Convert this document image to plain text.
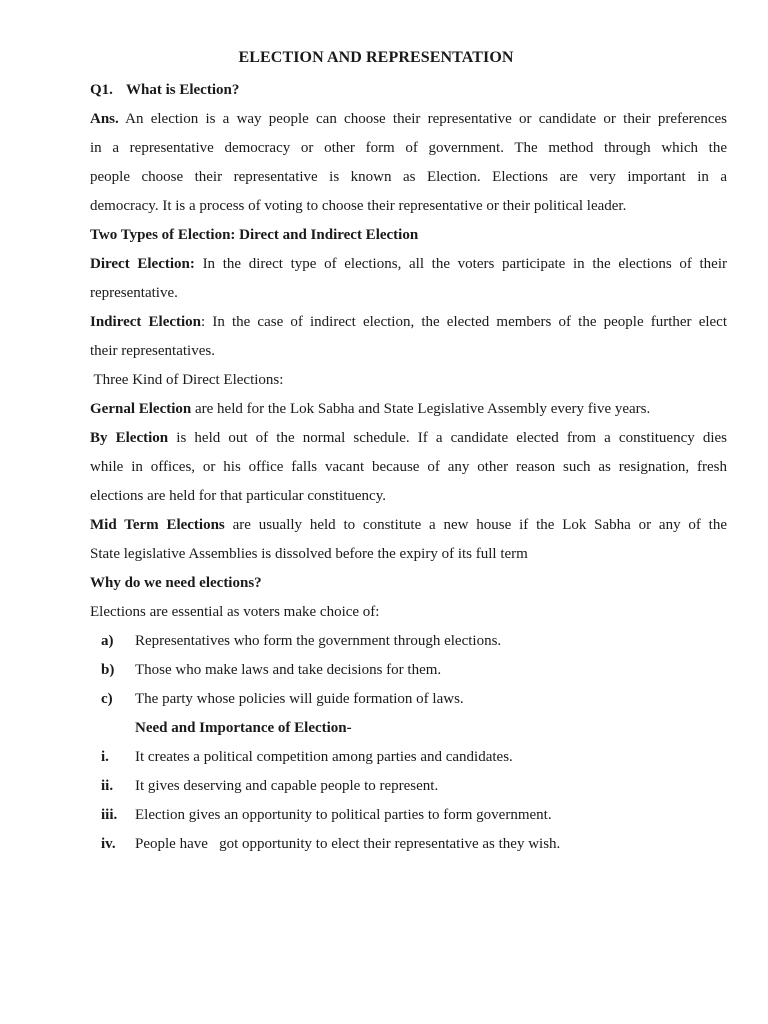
ELECTION AND REPRESENTATION
Q1. What is Election?
Ans. An election is a way people can choose their representative or candidate or their preferences
in a representative democracy or other form of government. The method through which the
people choose their representative is known as Election. Elections are very important in a
democracy. It is a process of voting to choose their representative or their political leader.
Two Types of Election: Direct and Indirect Election
Direct Election: In the direct type of elections, all the voters participate in the elections of their
representative.
Indirect Election: In the case of indirect election, the elected members of the people further elect
their representatives.
Three Kind of Direct Elections:
Gernal Election are held for the Lok Sabha and State Legislative Assembly every five years.
By Election is held out of the normal schedule. If a candidate elected from a constituency dies
while in offices, or his office falls vacant because of any other reason such as resignation, fresh
elections are held for that particular constituency.
Mid Term Elections are usually held to constitute a new house if the Lok Sabha or any of the
State legislative Assemblies is dissolved before the expiry of its full term
Why do we need elections?
Elections are essential as voters make choice of:
a) Representatives who form the government through elections.
b) Those who make laws and take decisions for them.
c) The party whose policies will guide formation of laws.
Need and Importance of Election-
i. It creates a political competition among parties and candidates.
ii. It gives deserving and capable people to represent.
iii. Election gives an opportunity to political parties to form government.
iv. People have   got opportunity to elect their representative as they wish.
